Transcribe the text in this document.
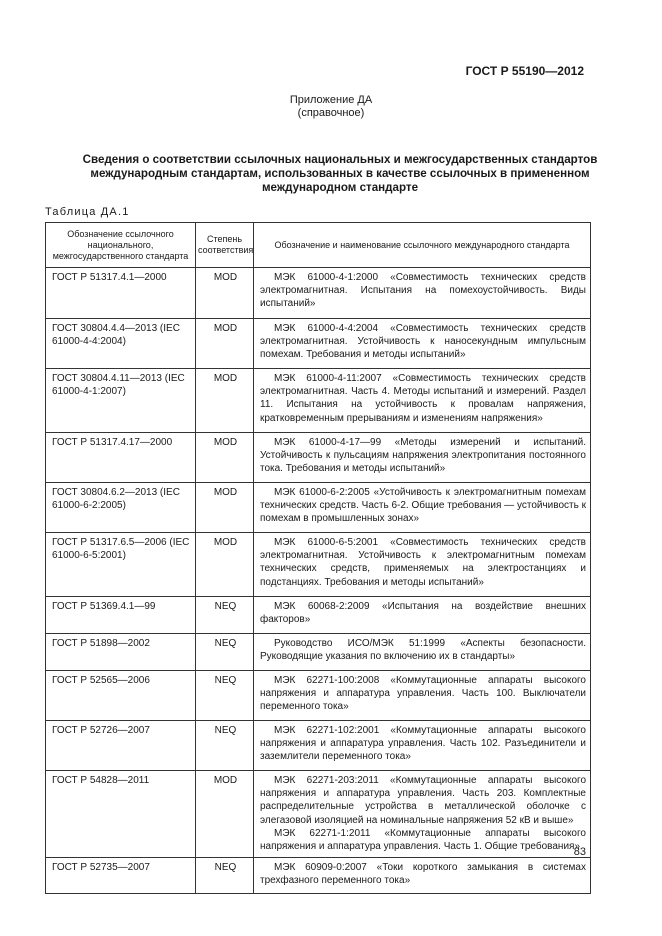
ГОСТ Р 55190—2012
Приложение ДА
(справочное)
Сведения о соответствии ссылочных национальных и межгосударственных стандартов международным стандартам, использованных в качестве ссылочных в примененном международном стандарте
Таблица ДА.1
Обозначение ссылочного национального, межгосударственного стандарта	Степень соответствия	Обозначение и наименование ссылочного международного стандарта
ГОСТ Р 51317.4.1—2000	MOD	МЭК 61000-4-1:2000 «Совместимость технических средств электромагнитная. Испытания на помехоустойчивость. Виды испытаний»

ГОСТ 30804.4.4—2013 (IEC 61000-4-4:2004)	MOD	МЭК 61000-4-4:2004 «Совместимость технических средств электромагнитная. Устойчивость к наносекундным импульсным помехам. Требования и методы испытаний»

ГОСТ 30804.4.11—2013 (IEC 61000-4-1:2007)	MOD	МЭК 61000-4-11:2007 «Совместимость технических средств электромагнитная. Часть 4. Методы испытаний и измерений. Раздел 11. Испытания на устойчивость к провалам напряжения, кратковременным прерываниям и изменениям напряжения»

ГОСТ Р 51317.4.17—2000	MOD	МЭК 61000-4-17—99 «Методы измерений и испытаний. Устойчивость к пульсациям напряжения электропитания постоянного тока. Требования и методы испытаний»

ГОСТ 30804.6.2—2013 (IEC 61000-6-2:2005)	MOD	МЭК 61000-6-2:2005 «Устойчивость к электромагнитным помехам технических средств. Часть 6-2. Общие требования — устойчивость к помехам в промышленных зонах»

ГОСТ Р 51317.6.5—2006 (IEC 61000-6-5:2001)	MOD	МЭК 61000-6-5:2001 «Совместимость технических средств электромагнитная. Устойчивость к электромагнитным помехам технических средств, применяемых на электростанциях и подстанциях. Требования и методы испытаний»

ГОСТ Р 51369.4.1—99	NEQ	МЭК 60068-2:2009 «Испытания на воздействие внешних факторов»

ГОСТ Р 51898—2002	NEQ	Руководство ИСО/МЭК 51:1999 «Аспекты безопасности. Руководящие указания по включению их в стандарты»

ГОСТ Р 52565—2006	NEQ	МЭК 62271-100:2008 «Коммутационные аппараты высокого напряжения и аппаратура управления. Часть 100. Выключатели переменного тока»

ГОСТ Р 52726—2007	NEQ	МЭК 62271-102:2001 «Коммутационные аппараты высокого напряжения и аппаратура управления. Часть 102. Разъединители и заземлители переменного тока»

ГОСТ Р 54828—2011	MOD	МЭК 62271-203:2011 «Коммутационные аппараты высокого напряжения и аппаратура управления. Часть 203. Комплектные распределительные устройства в металлической оболочке с элегазовой изоляцией на номинальные напряжения 52 кВ и выше»
МЭК 62271-1:2011 «Коммутационные аппараты высокого напряжения и аппаратура управления. Часть 1. Общие требования»

ГОСТ Р 52735—2007	NEQ	МЭК 60909-0:2007 «Токи короткого замыкания в системах трехфазного переменного тока»
83
